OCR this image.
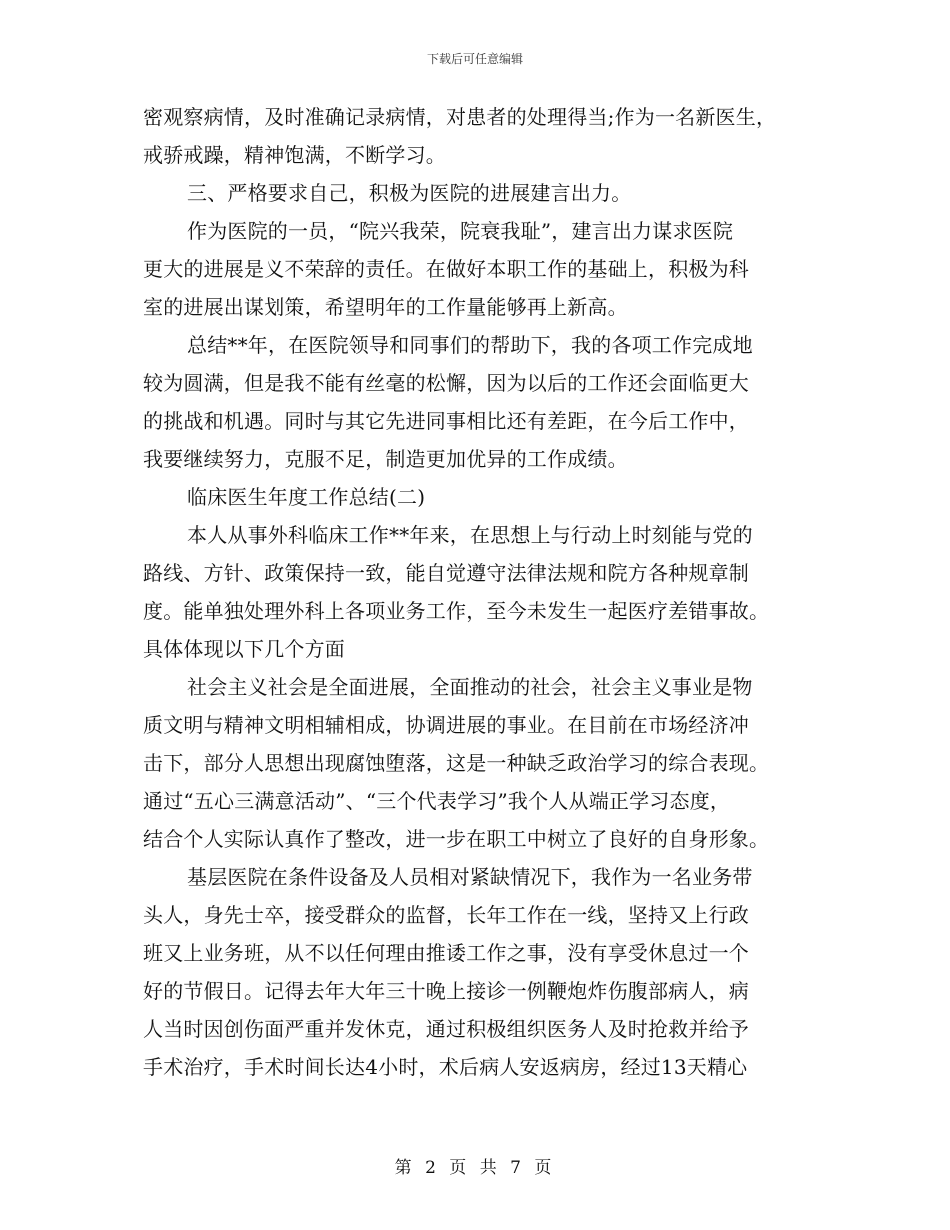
下载后可任意编辑
密观察病情，及时准确记录病情，对患者的处理得当;作为一名新医生，
戒骄戒躁，精神饱满，不断学习。
三、严格要求自己，积极为医院的进展建言出力。
作为医院的一员，“院兴我荣，院衰我耻”，建言出力谋求医院
更大的进展是义不荣辞的责任。在做好本职工作的基础上，积极为科
室的进展出谋划策，希望明年的工作量能够再上新高。
总结**年，在医院领导和同事们的帮助下，我的各项工作完成地
较为圆满，但是我不能有丝毫的松懈，因为以后的工作还会面临更大
的挑战和机遇。同时与其它先进同事相比还有差距，在今后工作中，
我要继续努力，克服不足，制造更加优异的工作成绩。
临床医生年度工作总结(二)
本人从事外科临床工作**年来，在思想上与行动上时刻能与党的
路线、方针、政策保持一致，能自觉遵守法律法规和院方各种规章制
度。能单独处理外科上各项业务工作，至今未发生一起医疗差错事故。
具体体现以下几个方面
社会主义社会是全面进展，全面推动的社会，社会主义事业是物
质文明与精神文明相辅相成，协调进展的事业。在目前在市场经济冲
击下，部分人思想出现腐蚀堕落，这是一种缺乏政治学习的综合表现。
通过“五心三满意活动”、“三个代表学习”我个人从端正学习态度，
结合个人实际认真作了整改，进一步在职工中树立了良好的自身形象。
基层医院在条件设备及人员相对紧缺情况下，我作为一名业务带
头人，身先士卒，接受群众的监督，长年工作在一线，坚持又上行政
班又上业务班，从不以任何理由推诿工作之事，没有享受休息过一个
好的节假日。记得去年大年三十晚上接诊一例鞭炮炸伤腹部病人，病
人当时因创伤面严重并发休克，通过积极组织医务人及时抢救并给予
手术治疗，手术时间长达4小时，术后病人安返病房，经过13天精心
第 2 页 共 7 页
